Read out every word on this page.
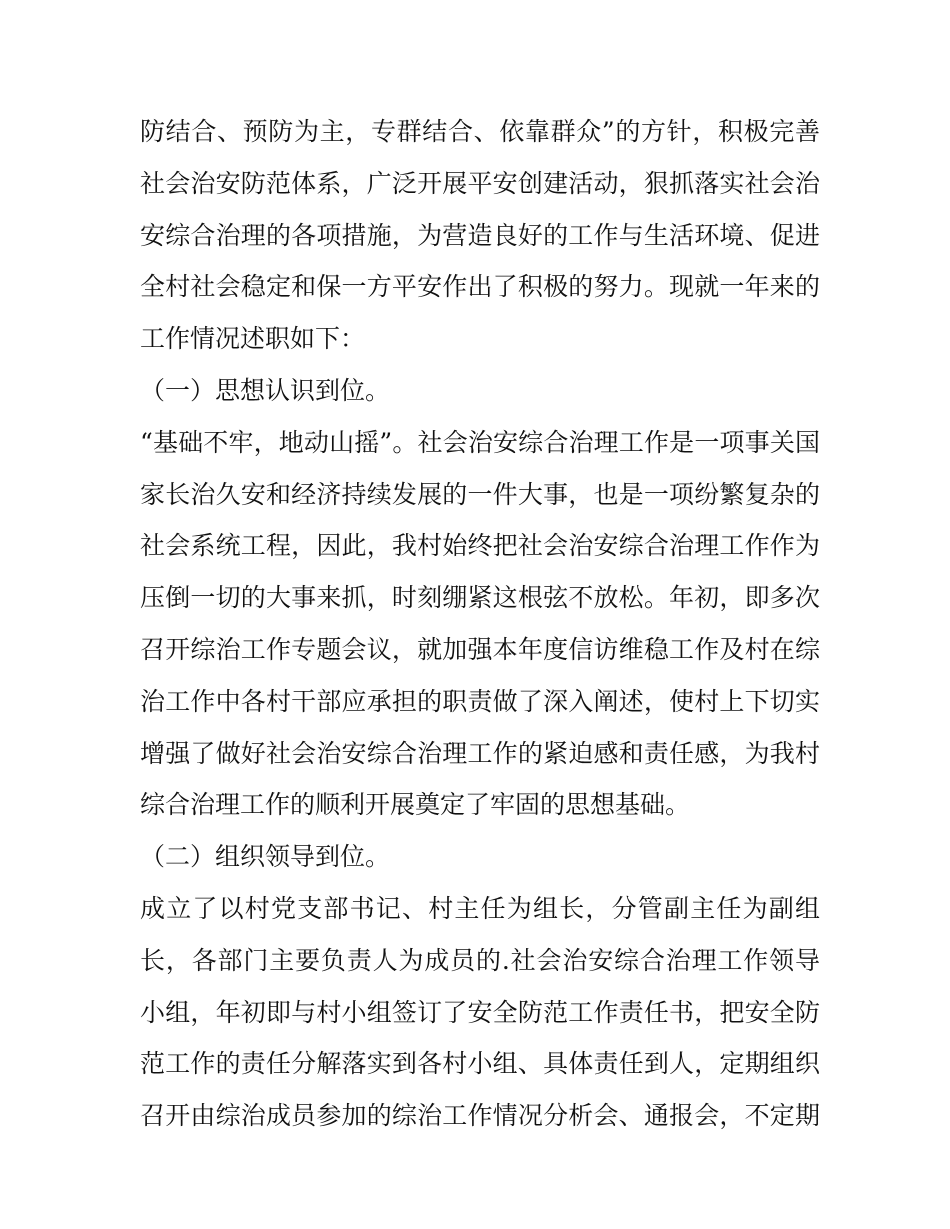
防结合、预防为主，专群结合、依靠群众”的方针，积极完善
社会治安防范体系，广泛开展平安创建活动，狠抓落实社会治
安综合治理的各项措施，为营造良好的工作与生活环境、促进
全村社会稳定和保一方平安作出了积极的努力。现就一年来的
工作情况述职如下：
（一）思想认识到位。
“基础不牢，地动山摇”。社会治安综合治理工作是一项事关国
家长治久安和经济持续发展的一件大事，也是一项纷繁复杂的
社会系统工程，因此，我村始终把社会治安综合治理工作作为
压倒一切的大事来抓，时刻绷紧这根弦不放松。年初，即多次
召开综治工作专题会议，就加强本年度信访维稳工作及村在综
治工作中各村干部应承担的职责做了深入阐述，使村上下切实
增强了做好社会治安综合治理工作的紧迫感和责任感，为我村
综合治理工作的顺利开展奠定了牢固的思想基础。
（二）组织领导到位。
成立了以村党支部书记、村主任为组长，分管副主任为副组
长，各部门主要负责人为成员的.社会治安综合治理工作领导
小组，年初即与村小组签订了安全防范工作责任书，把安全防
范工作的责任分解落实到各村小组、具体责任到人，定期组织
召开由综治成员参加的综治工作情况分析会、通报会，不定期
